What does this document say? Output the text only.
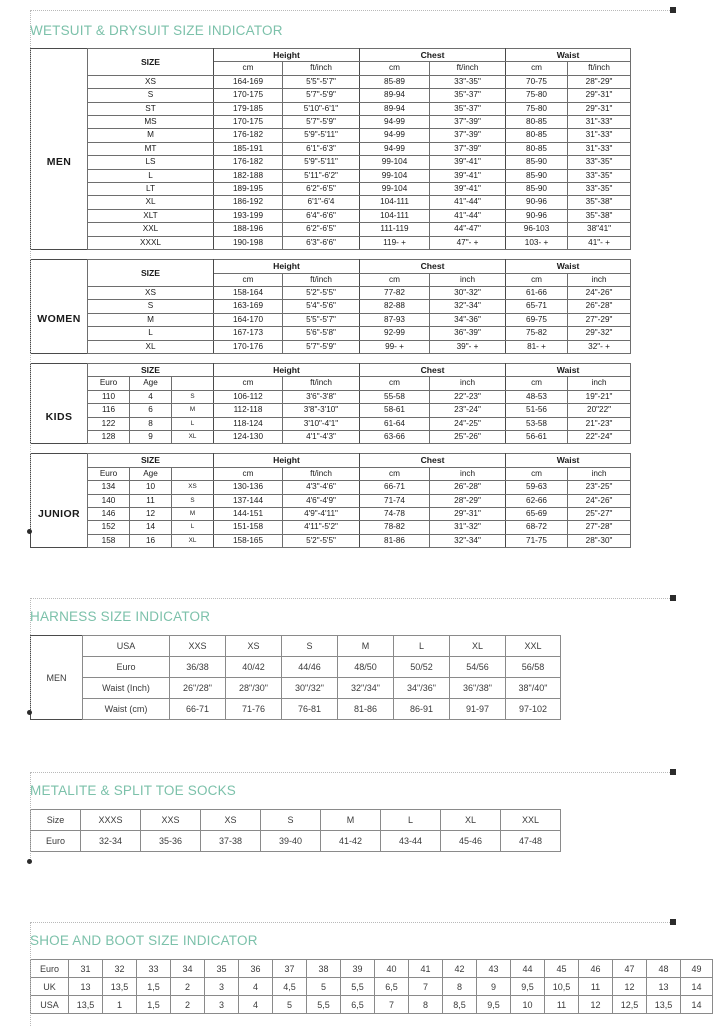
WETSUIT & DRYSUIT SIZE INDICATOR
	SIZE	Height		Chest		Waist	
		cm	ft/inch	cm	ft/inch	cm	ft/inch
MEN	XS	164-169	5'5"-5'7"	85-89	33"-35"	70-75	28"-29"
	S	170-175	5'7"-5'9"	89-94	35"-37"	75-80	29"-31"
	ST	179-185	5'10"-6'1"	89-94	35"-37"	75-80	29"-31"
	MS	170-175	5'7"-5'9"	94-99	37"-39"	80-85	31"-33"
	M	176-182	5'9"-5'11"	94-99	37"-39"	80-85	31"-33"
	MT	185-191	6'1"-6'3"	94-99	37"-39"	80-85	31"-33"
	LS	176-182	5'9"-5'11"	99-104	39"-41"	85-90	33"-35"
	L	182-188	5'11"-6'2"	99-104	39"-41"	85-90	33"-35"
	LT	189-195	6'2"-6'5"	99-104	39"-41"	85-90	33"-35"
	XL	186-192	6'1"-6'4	104-111	41"-44"	90-96	35"-38"
	XLT	193-199	6'4"-6'6"	104-111	41"-44"	90-96	35"-38"
	XXL	188-196	6'2"-6'5"	111-119	44"-47"	96-103	38"41"
	XXXL	190-198	6'3"-6'6"	119- +	47"- +	103- +	41"- +
	SIZE	Height		Chest		Waist	
		cm	ft/inch	cm	inch	cm	inch
WOMEN	XS	158-164	5'2"-5'5"	77-82	30"-32"	61-66	24"-26"
	S	163-169	5'4"-5'6"	82-88	32"-34"	65-71	26"-28"
	M	164-170	5'5"-5'7"	87-93	34"-36"	69-75	27"-29"
	L	167-173	5'6"-5'8"	92-99	36"-39"	75-82	29"-32"
	XL	170-176	5'7"-5'9"	99- +	39"- +	81- +	32"- +
	SIZE			Height		Chest		Waist	
	Euro	Age		cm	ft/inch	cm	inch	cm	inch
KIDS	110	4	S	106-112	3'6"-3'8"	55-58	22"-23"	48-53	19"-21"
	116	6	M	112-118	3'8"-3'10"	58-61	23"-24"	51-56	20"22"
	122	8	L	118-124	3'10"-4'1"	61-64	24"-25"	53-58	21"-23"
	128	9	XL	124-130	4'1"-4'3"	63-66	25"-26"	56-61	22"-24"
	SIZE			Height		Chest		Waist	
	Euro	Age		cm	ft/inch	cm	inch	cm	inch
JUNIOR	134	10	XS	130-136	4'3"-4'6"	66-71	26"-28"	59-63	23"-25"
	140	11	S	137-144	4'6"-4'9"	71-74	28"-29"	62-66	24"-26"
	146	12	M	144-151	4'9"-4'11"	74-78	29"-31"	65-69	25"-27"
	152	14	L	151-158	4'11"-5'2"	78-82	31"-32"	68-72	27"-28"
	158	16	XL	158-165	5'2"-5'5"	81-86	32"-34"	71-75	28"-30"
HARNESS SIZE INDICATOR
MEN	USA	XXS	XS	S	M	L	XL	XXL
	Euro	36/38	40/42	44/46	48/50	50/52	54/56	56/58
	Waist (Inch)	26"/28"	28"/30"	30"/32"	32"/34"	34"/36"	36"/38"	38"/40"
	Waist (cm)	66-71	71-76	76-81	81-86	86-91	91-97	97-102
METALITE & SPLIT TOE SOCKS
Size	XXXS	XXS	XS	S	M	L	XL	XXL
Euro	32-34	35-36	37-38	39-40	41-42	43-44	45-46	47-48
SHOE AND BOOT SIZE INDICATOR
Euro	31	32	33	34	35	36	37	38	39	40	41	42	43	44	45	46	47	48	49
UK	13	13,5	1,5	2	3	4	4,5	5	5,5	6,5	7	8	9	9,5	10,5	11	12	13	14
USA	13,5	1	1,5	2	3	4	5	5,5	6,5	7	8	8,5	9,5	10	11	12	12,5	13,5	14
